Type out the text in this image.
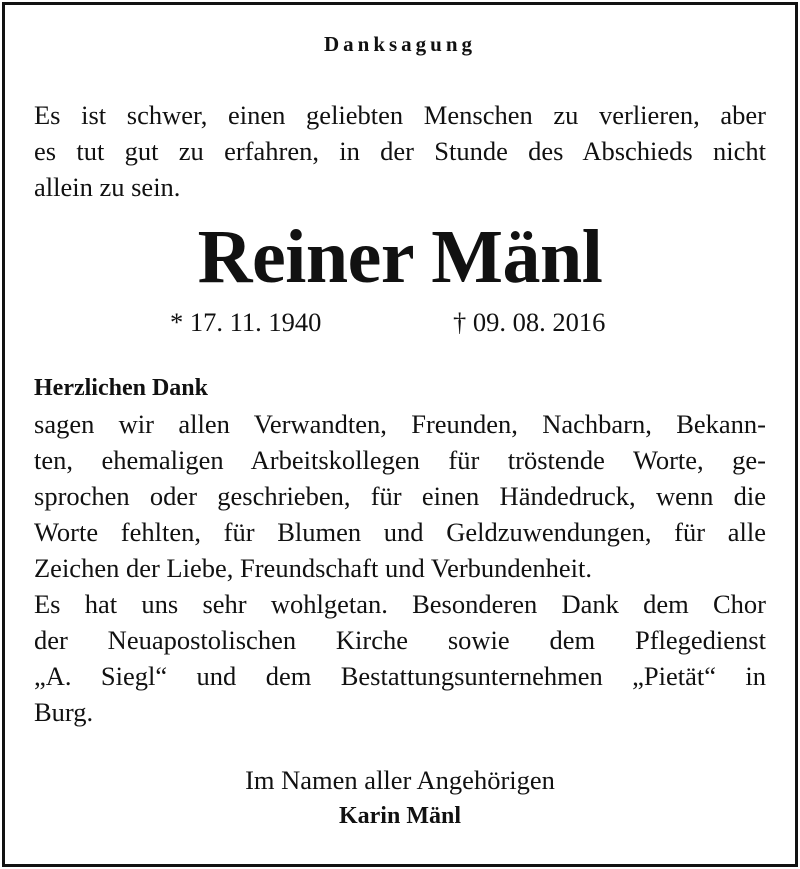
Danksagung
Es ist schwer, einen geliebten Menschen zu verlieren, aber
es tut gut zu erfahren, in der Stunde des Abschieds nicht
allein zu sein.
Reiner Mänl
* 17. 11. 1940	† 09. 08. 2016
Herzlichen Dank
sagen wir allen Verwandten, Freunden, Nachbarn, Bekann-
ten, ehemaligen Arbeitskollegen für tröstende Worte, ge-
sprochen oder geschrieben, für einen Händedruck, wenn die
Worte fehlten, für Blumen und Geldzuwendungen, für alle
Zeichen der Liebe, Freundschaft und Verbundenheit.
Es hat uns sehr wohlgetan. Besonderen Dank dem Chor
der Neuapostolischen Kirche sowie dem Pflegedienst
„A. Siegl“ und dem Bestattungsunternehmen „Pietät“ in
Burg.
Im Namen aller Angehörigen
Karin Mänl
